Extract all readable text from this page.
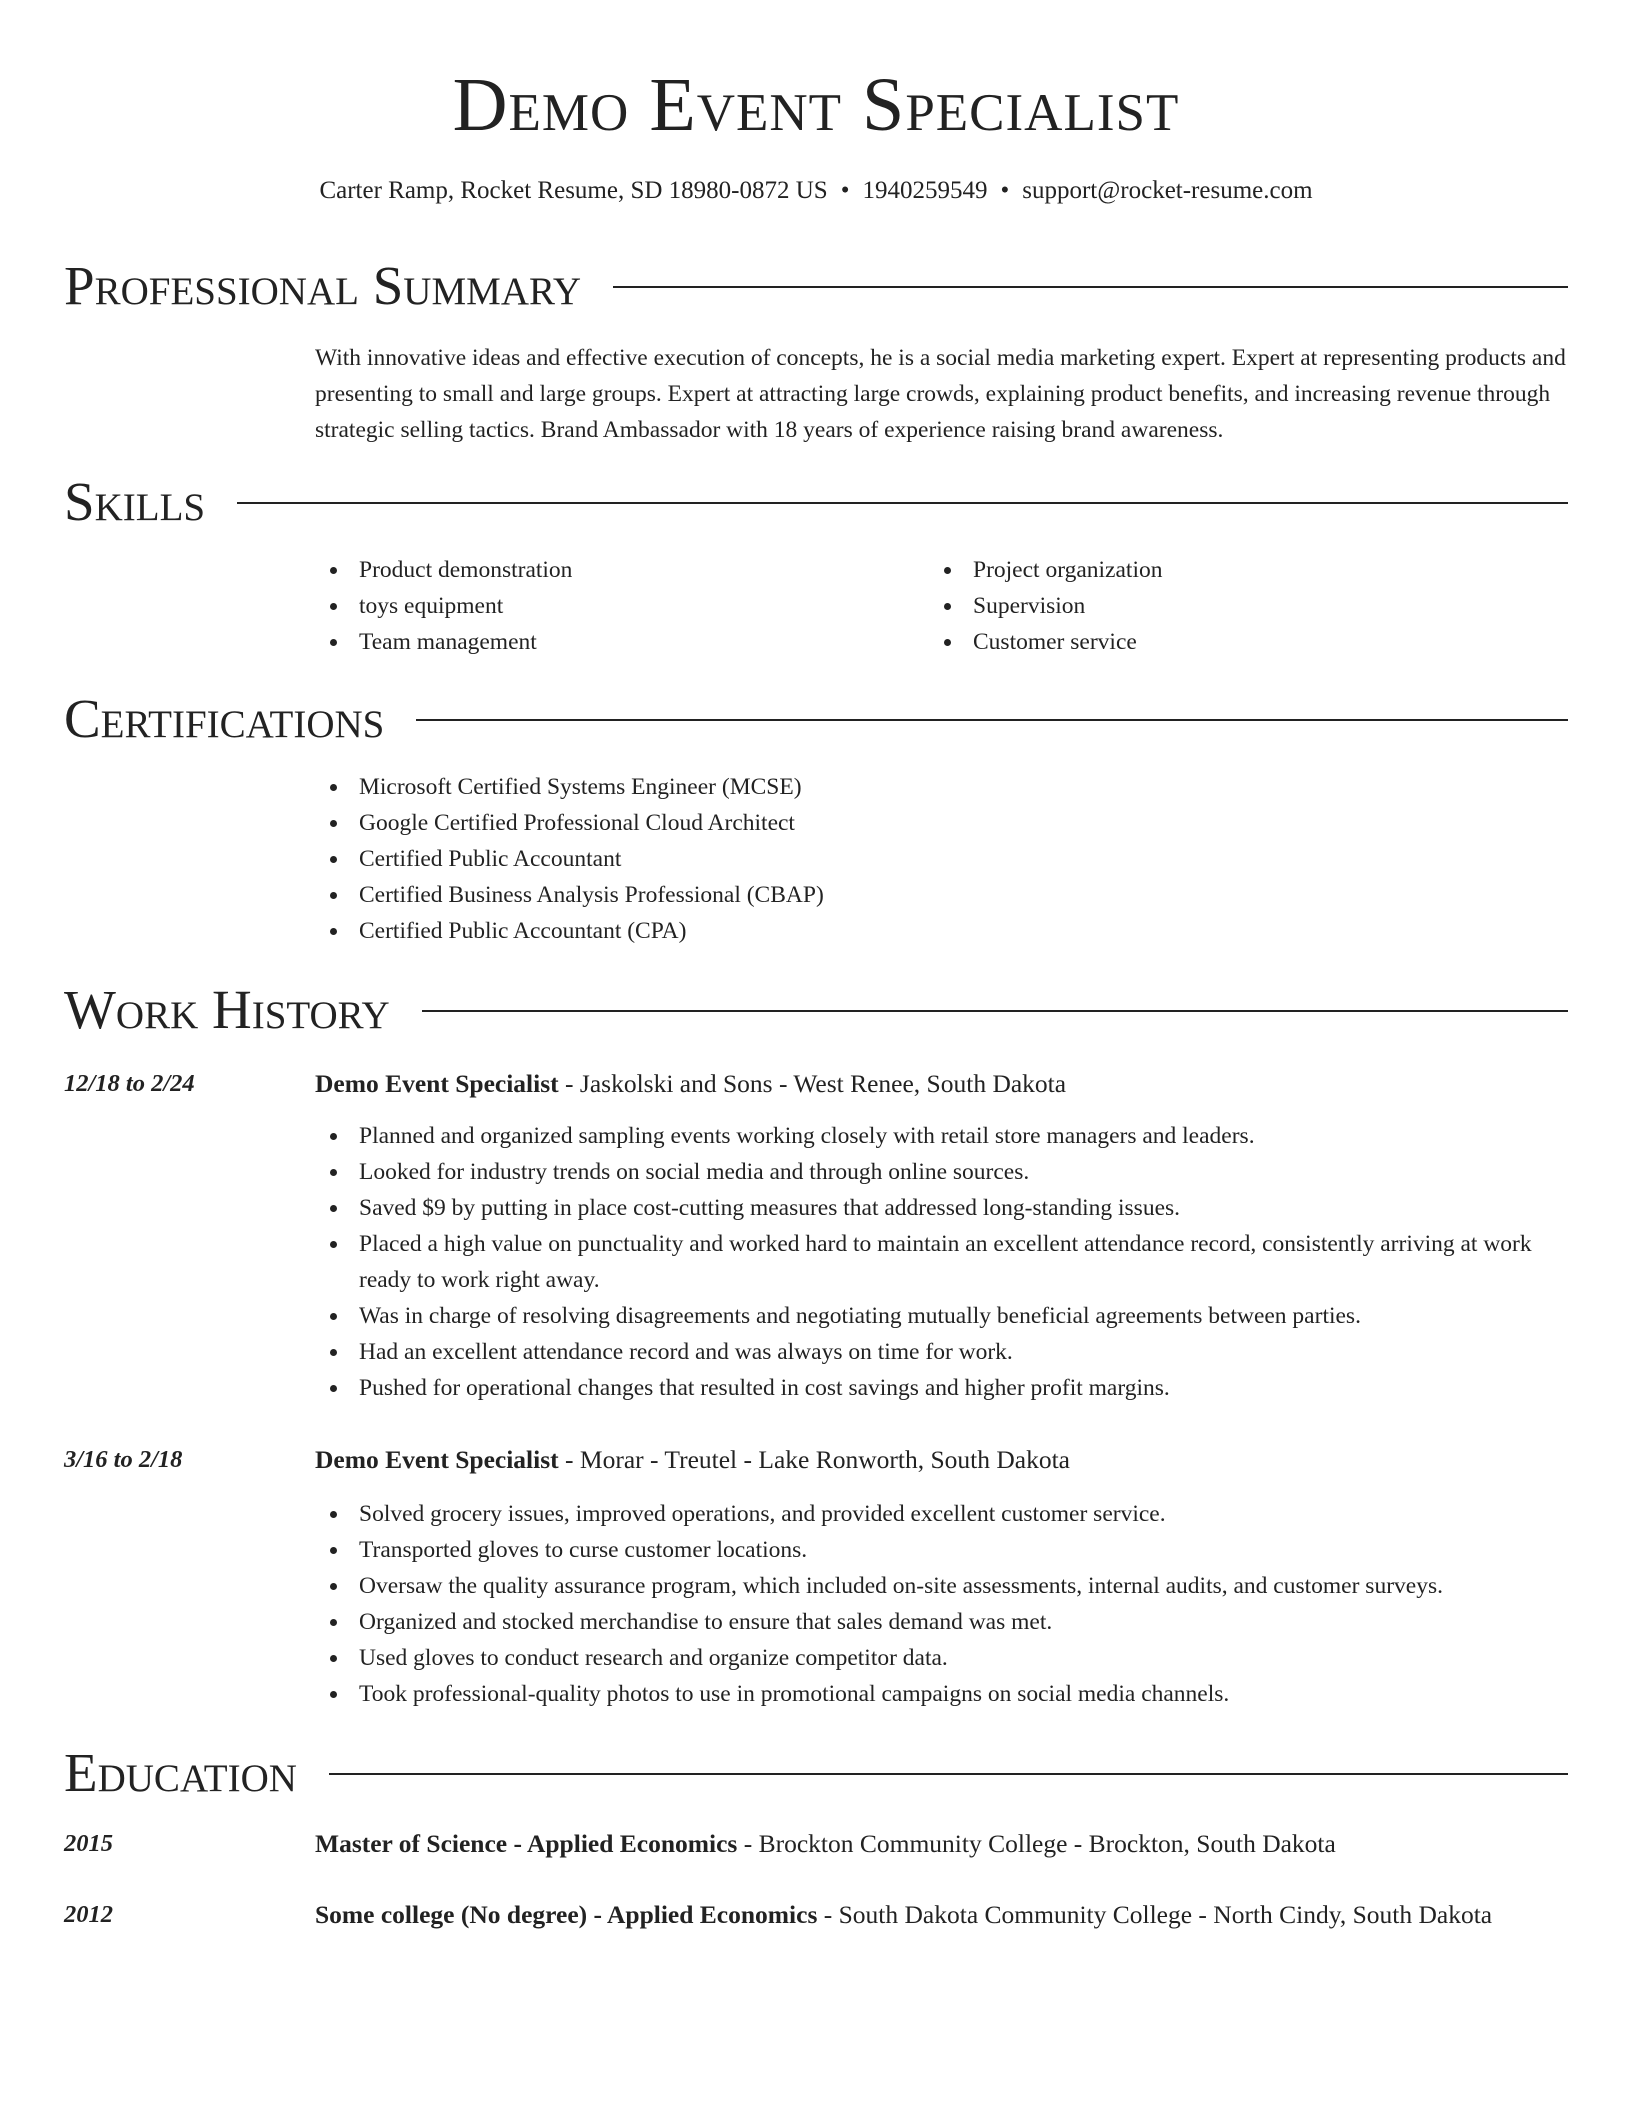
Demo Event Specialist
Carter Ramp, Rocket Resume, SD 18980-0872 US • 1940259549 • support@rocket-resume.com
Professional Summary

With innovative ideas and effective execution of concepts, he is a social media marketing expert. Expert at representing products and presenting to small and large groups. Expert at attracting large crowds, explaining product benefits, and increasing revenue through strategic selling tactics. Brand Ambassador with 18 years of experience raising brand awareness.

Skills
Product demonstration
toys equipment
Team management
Project organization
Supervision
Customer service
Certifications
Microsoft Certified Systems Engineer (MCSE)
Google Certified Professional Cloud Architect
Certified Public Accountant
Certified Business Analysis Professional (CBAP)
Certified Public Accountant (CPA)
Work History
12/18 to 2/24	Demo Event Specialist - Jaskolski and Sons - West Renee, South Dakota
Planned and organized sampling events working closely with retail store managers and leaders.
Looked for industry trends on social media and through online sources.
Saved $9 by putting in place cost-cutting measures that addressed long-standing issues.
Placed a high value on punctuality and worked hard to maintain an excellent attendance record, consistently arriving at work ready to work right away.
Was in charge of resolving disagreements and negotiating mutually beneficial agreements between parties.
Had an excellent attendance record and was always on time for work.
Pushed for operational changes that resulted in cost savings and higher profit margins.
3/16 to 2/18	Demo Event Specialist - Morar - Treutel - Lake Ronworth, South Dakota
Solved grocery issues, improved operations, and provided excellent customer service.
Transported gloves to curse customer locations.
Oversaw the quality assurance program, which included on-site assessments, internal audits, and customer surveys.
Organized and stocked merchandise to ensure that sales demand was met.
Used gloves to conduct research and organize competitor data.
Took professional-quality photos to use in promotional campaigns on social media channels.
Education
2015	Master of Science - Applied Economics - Brockton Community College - Brockton, South Dakota
2012	Some college (No degree) - Applied Economics - South Dakota Community College - North Cindy, South Dakota
